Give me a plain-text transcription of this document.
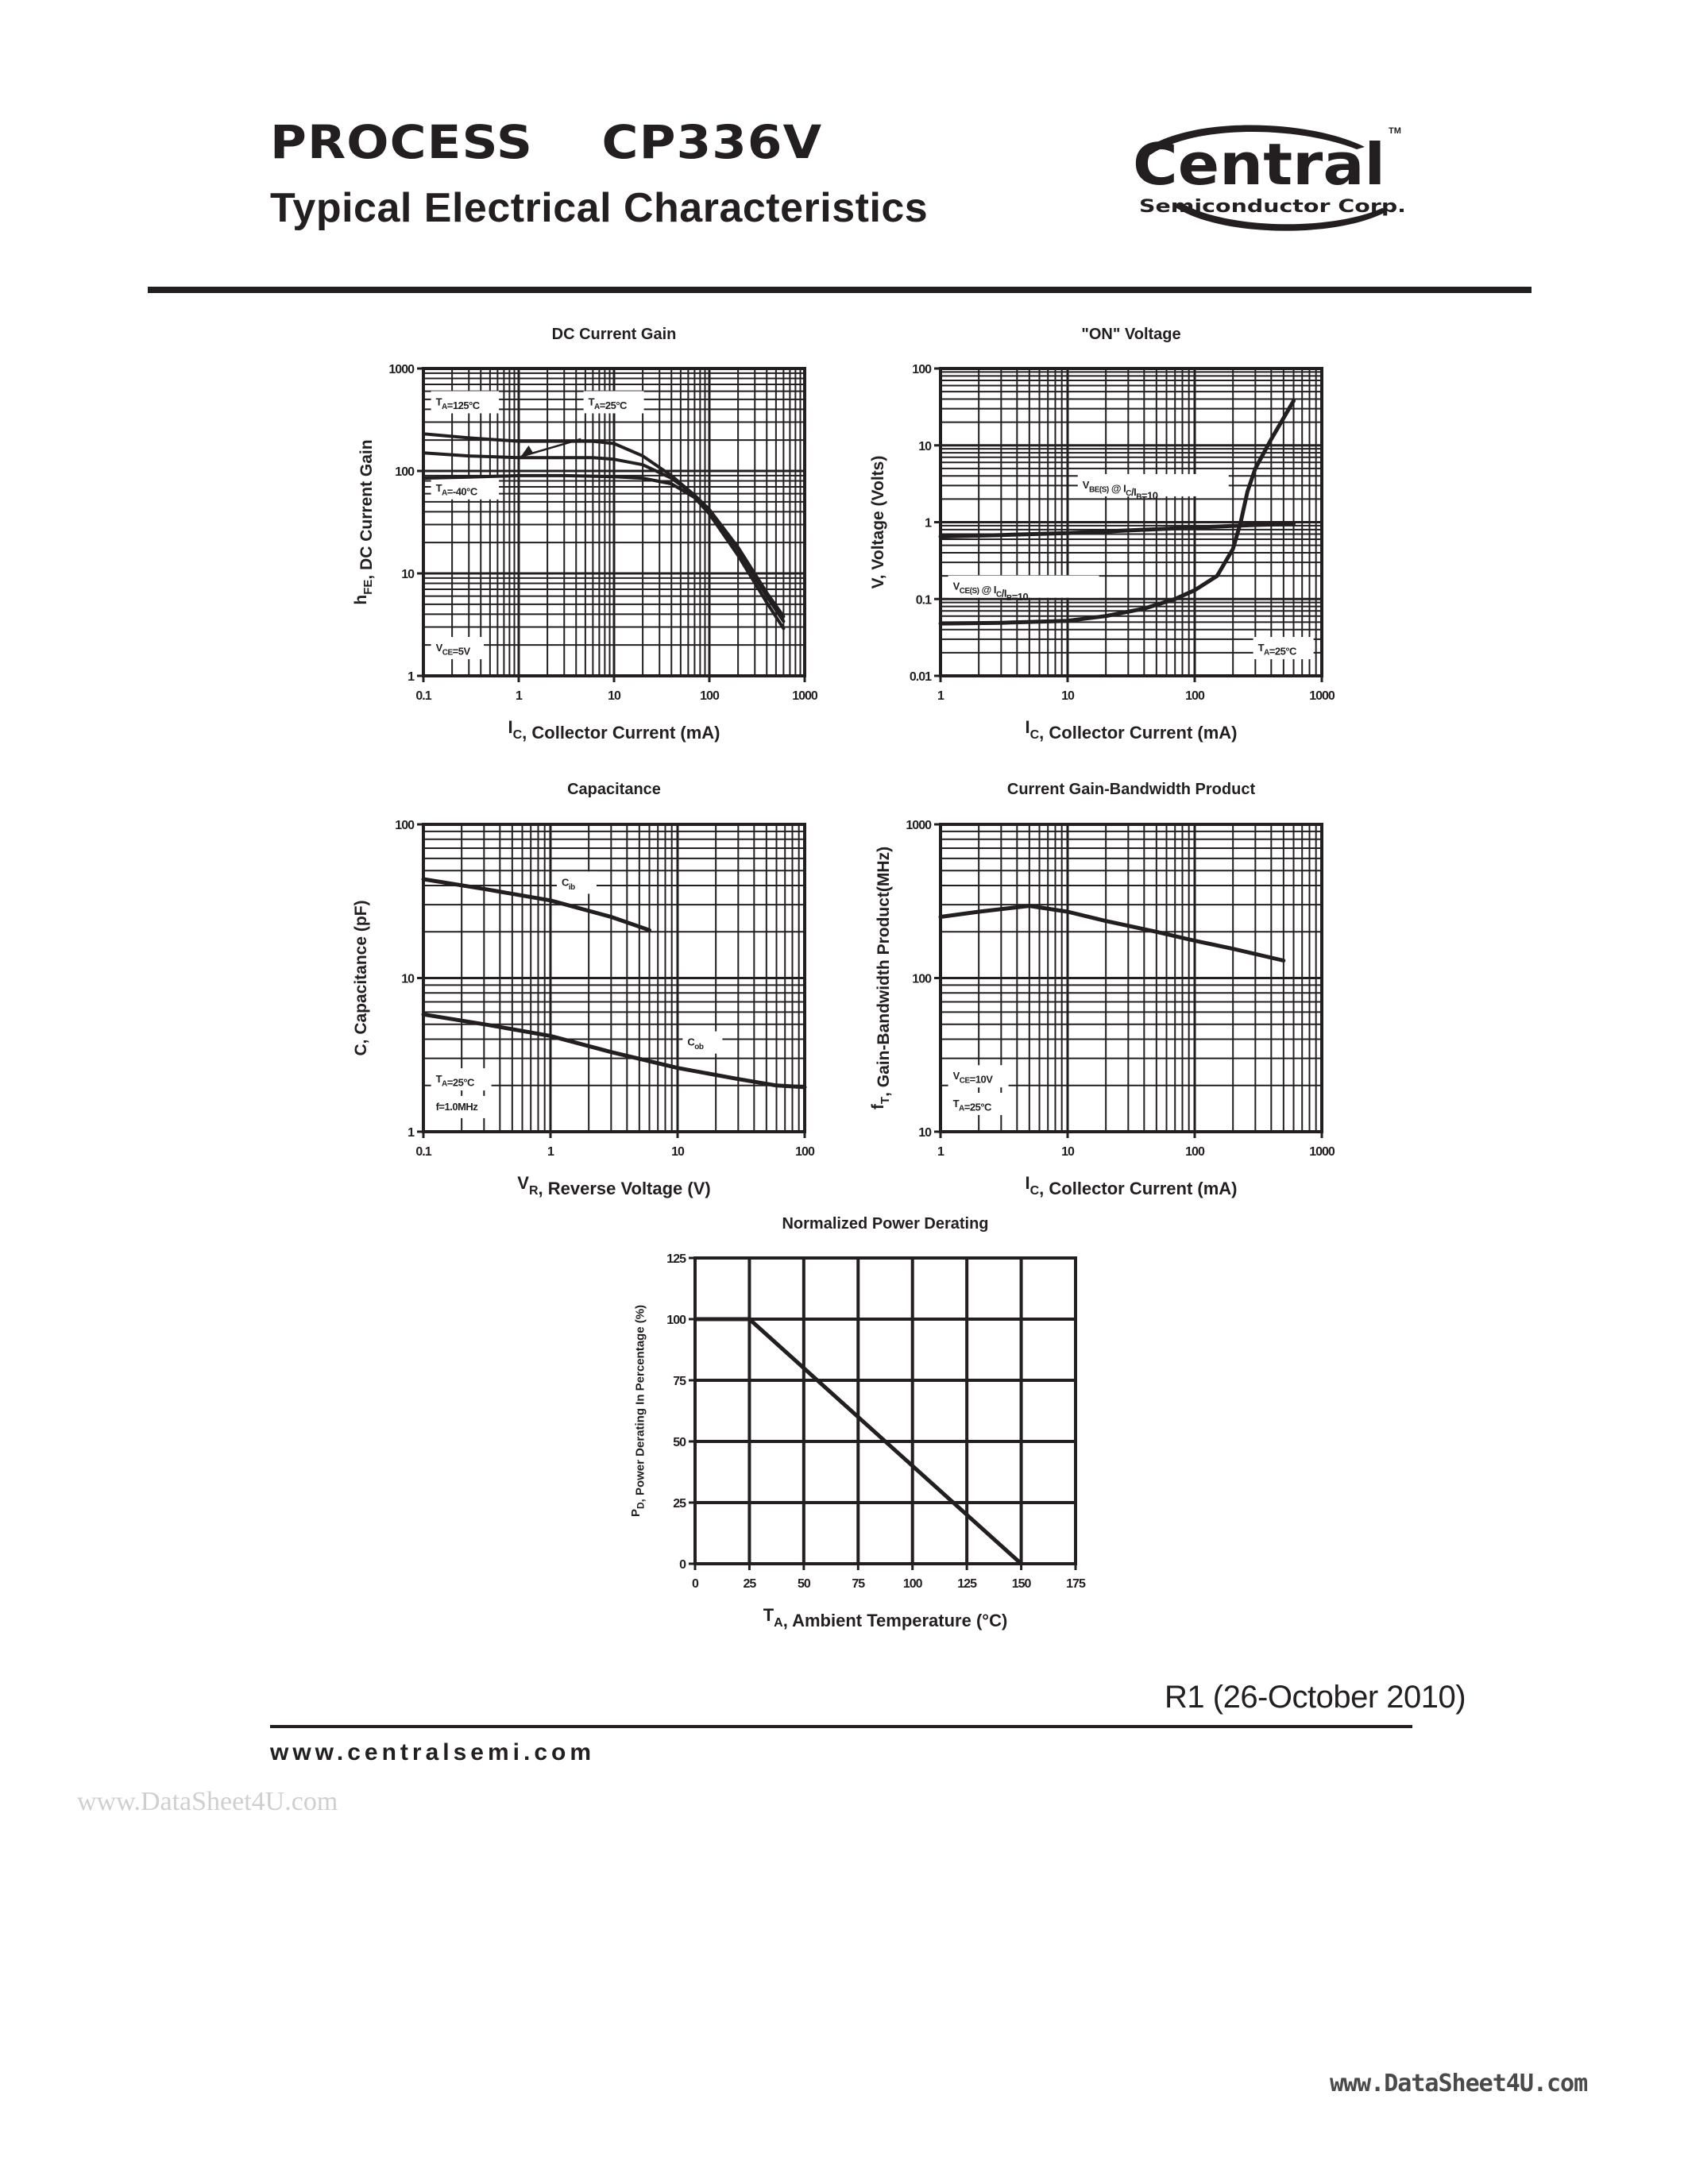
PROCESS CP336V
Typical Electrical Characteristics
Central TM
Semiconductor Corp.
0.1	1	10	100	1000
1
10
100
1000
DC Current Gain
$I_C$, Collector Current (mA)
$h_{FE}$, DC Current Gain
$T_A=125^\circ C$	$T_A=25^\circ C$
$T_A=-40^\circ C$
$V_{CE}=5V$
1	10	100	1000
0.01
0.1
1
10
100
"ON" Voltage
$I_C$, Collector Current (mA)
V, Voltage (Volts)	$V_{BE(S)}$ @ $I_C/I_B=10$
$V_{CE(S)}$ @ $I_C/I_B=10$
$T_A=25^\circ C$
0.1	1	10	100
1
10
100
Capacitance
$V_R$, Reverse Voltage (V)
C, Capacitance (pF)
$C_{ib}$
$C_{ob}$
$T_A=25^\circ C$
f=1.0MHz
1	10	100	1000
10
100
1000
Current Gain-Bandwidth Product
$I_C$, Collector Current (mA)
$f_T$, Gain-Bandwidth Product(MHz)	$V_{CE}=10V$
$T_A=25^\circ C$
0	25	50	75	100	125	150	175
0
25
50
75
100
125
Normalized Power Derating
$T_A$, Ambient Temperature (°C)
$P_D$, Power Derating In Percentage (%)
R1 (26-October 2010)
www.centralsemi.com
www.DataSheet4U.com
www.DataSheet4U.com
